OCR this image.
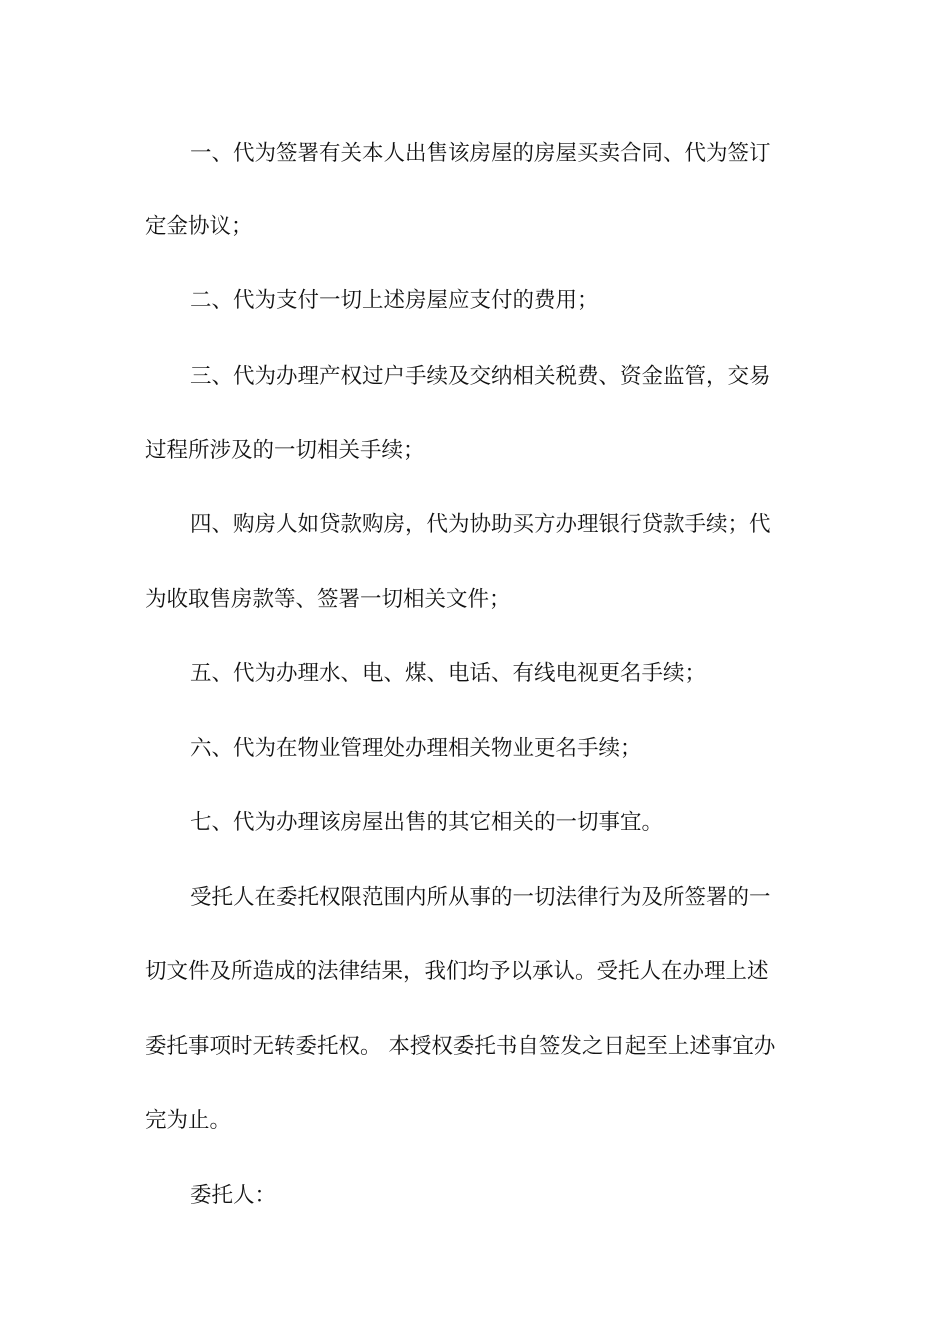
一、代为签署有关本人出售该房屋的房屋买卖合同、代为签订
定金协议；
二、代为支付一切上述房屋应支付的费用；
三、代为办理产权过户手续及交纳相关税费、资金监管，交易
过程所涉及的一切相关手续；
四、购房人如贷款购房，代为协助买方办理银行贷款手续；代
为收取售房款等、签署一切相关文件；
五、代为办理水、电、煤、电话、有线电视更名手续；
六、代为在物业管理处办理相关物业更名手续；
七、代为办理该房屋出售的其它相关的一切事宜。
受托人在委托权限范围内所从事的一切法律行为及所签署的一
切文件及所造成的法律结果，我们均予以承认。受托人在办理上述
委托事项时无转委托权。 本授权委托书自签发之日起至上述事宜办
完为止。
委托人：
